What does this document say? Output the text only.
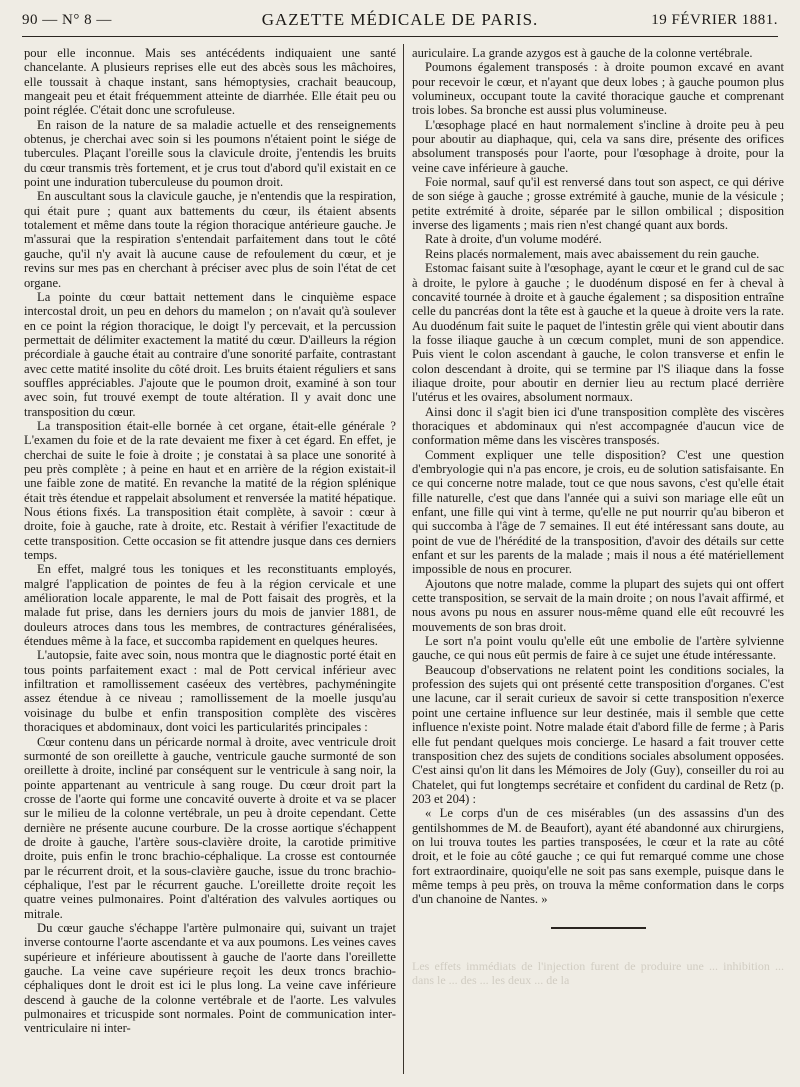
90 — N° 8 —	GAZETTE MÉDICALE DE PARIS.	19 FÉVRIER 1881.

pour elle inconnue. Mais ses antécédents indiquaient une santé chancelante. A plusieurs reprises elle eut des abcès sous les mâchoires, elle toussait à chaque instant, sans hémoptysies, crachait beaucoup, mangeait peu et était fréquemment atteinte de diarrhée. Elle était peu ou point réglée. C'était donc une scrofuleuse.

En raison de la nature de sa maladie actuelle et des renseignements obtenus, je cherchai avec soin si les poumons n'étaient point le siége de tubercules. Plaçant l'oreille sous la clavicule droite, j'entendis les bruits du cœur transmis très fortement, et je crus tout d'abord qu'il existait en ce point une induration tuberculeuse du poumon droit.

En auscultant sous la clavicule gauche, je n'entendis que la respiration, qui était pure ; quant aux battements du cœur, ils étaient absents totalement et même dans toute la région thoracique antérieure gauche. Je m'assurai que la respiration s'entendait parfaitement dans tout le côté gauche, qu'il n'y avait là aucune cause de refoulement du cœur, et je revins sur mes pas en cherchant à préciser avec plus de soin l'état de cet organe.

La pointe du cœur battait nettement dans le cinquième espace intercostal droit, un peu en dehors du mamelon ; on n'avait qu'à soulever en ce point la région thoracique, le doigt l'y percevait, et la percussion permettait de délimiter exactement la matité du cœur. D'ailleurs la région précordiale à gauche était au contraire d'une sonorité parfaite, contrastant avec cette matité insolite du côté droit. Les bruits étaient réguliers et sans souffles appréciables. J'ajoute que le poumon droit, examiné à son tour avec soin, fut trouvé exempt de toute altération. Il y avait donc une transposition du cœur.

La transposition était-elle bornée à cet organe, était-elle générale ? L'examen du foie et de la rate devaient me fixer à cet égard. En effet, je cherchai de suite le foie à droite ; je constatai à sa place une sonorité à peu près complète ; à peine en haut et en arrière de la région existait-il une faible zone de matité. En revanche la matité de la région splénique était très étendue et rappelait absolument et renversée la matité hépatique. Nous étions fixés. La transposition était complète, à savoir : cœur à droite, foie à gauche, rate à droite, etc. Restait à vérifier l'exactitude de cette transposition. Cette occasion se fit attendre jusque dans ces derniers temps.

En effet, malgré tous les toniques et les reconstituants employés, malgré l'application de pointes de feu à la région cervicale et une amélioration locale apparente, le mal de Pott faisait des progrès, et la malade fut prise, dans les derniers jours du mois de janvier 1881, de douleurs atroces dans tous les membres, de contractures généralisées, étendues même à la face, et succomba rapidement en quelques heures.

L'autopsie, faite avec soin, nous montra que le diagnostic porté était en tous points parfaitement exact : mal de Pott cervical inférieur avec infiltration et ramollissement caséeux des vertèbres, pachyméningite assez étendue à ce niveau ; ramollissement de la moelle jusqu'au voisinage du bulbe et enfin transposition complète des viscères thoraciques et abdominaux, dont voici les particularités principales :

Cœur contenu dans un péricarde normal à droite, avec ventricule droit surmonté de son oreillette à gauche, ventricule gauche surmonté de son oreillette à droite, incliné par conséquent sur le ventricule à sang noir, la pointe appartenant au ventricule à sang rouge. Du cœur droit part la crosse de l'aorte qui forme une concavité ouverte à droite et va se placer sur le milieu de la colonne vertébrale, un peu à droite cependant. Cette dernière ne présente aucune courbure. De la crosse aortique s'échappent de droite à gauche, l'artère sous-clavière droite, la carotide primitive droite, puis enfin le tronc brachio-céphalique. La crosse est contournée par le récurrent droit, et la sous-clavière gauche, issue du tronc brachio-céphalique, l'est par le récurrent gauche. L'oreillette droite reçoit les quatre veines pulmonaires. Point d'altération des valvules aortiques ou mitrale.

Du cœur gauche s'échappe l'artère pulmonaire qui, suivant un trajet inverse contourne l'aorte ascendante et va aux poumons. Les veines caves supérieure et inférieure aboutissent à gauche de l'aorte dans l'oreillette gauche. La veine cave supérieure reçoit les deux troncs brachio-céphaliques dont le droit est ici le plus long. La veine cave inférieure descend à gauche de la colonne vertébrale et de l'aorte. Les valvules pulmonaires et tricuspide sont normales. Point de communication inter-ventriculaire ni inter-

auriculaire. La grande azygos est à gauche de la colonne vertébrale.

Poumons également transposés : à droite poumon excavé en avant pour recevoir le cœur, et n'ayant que deux lobes ; à gauche poumon plus volumineux, occupant toute la cavité thoracique gauche et comprenant trois lobes. Sa bronche est aussi plus volumineuse.

L'œsophage placé en haut normalement s'incline à droite peu à peu pour aboutir au diaphaque, qui, cela va sans dire, présente des orifices absolument transposés pour l'aorte, pour l'œsophage à droite, pour la veine cave inférieure à gauche.

Foie normal, sauf qu'il est renversé dans tout son aspect, ce qui dérive de son siége à gauche ; grosse extrémité à gauche, munie de la vésicule ; petite extrémité à droite, séparée par le sillon ombilical ; disposition inverse des ligaments ; mais rien n'est changé quant aux bords.

Rate à droite, d'un volume modéré.

Reins placés normalement, mais avec abaissement du rein gauche.

Estomac faisant suite à l'œsophage, ayant le cœur et le grand cul de sac à droite, le pylore à gauche ; le duodénum disposé en fer à cheval à concavité tournée à droite et à gauche également ; sa disposition entraîne celle du pancréas dont la tête est à gauche et la queue à droite vers la rate. Au duodénum fait suite le paquet de l'intestin grêle qui vient aboutir dans la fosse iliaque gauche à un cœcum complet, muni de son appendice. Puis vient le colon ascendant à gauche, le colon transverse et enfin le colon descendant à droite, qui se termine par l'S iliaque dans la fosse iliaque droite, pour aboutir en dernier lieu au rectum placé derrière l'utérus et les ovaires, absolument normaux.

Ainsi donc il s'agit bien ici d'une transposition complète des viscères thoraciques et abdominaux qui n'est accompagnée d'aucun vice de conformation même dans les viscères transposés.

Comment expliquer une telle disposition? C'est une question d'embryologie qui n'a pas encore, je crois, eu de solution satisfaisante. En ce qui concerne notre malade, tout ce que nous savons, c'est qu'elle était fille naturelle, c'est que dans l'année qui a suivi son mariage elle eût un enfant, une fille qui vint à terme, qu'elle ne put nourrir qu'au biberon et qui succomba à l'âge de 7 semaines. Il eut été intéressant sans doute, au point de vue de l'hérédité de la transposition, d'avoir des détails sur cette enfant et sur les parents de la malade ; mais il nous a été matériellement impossible de nous en procurer.

Ajoutons que notre malade, comme la plupart des sujets qui ont offert cette transposition, se servait de la main droite ; on nous l'avait affirmé, et nous avons pu nous en assurer nous-même quand elle eût recouvré les mouvements de son bras droit.

Le sort n'a point voulu qu'elle eût une embolie de l'artère sylvienne gauche, ce qui nous eût permis de faire à ce sujet une étude intéressante.

Beaucoup d'observations ne relatent point les conditions sociales, la profession des sujets qui ont présenté cette transposition d'organes. C'est une lacune, car il serait curieux de savoir si cette transposition n'exerce point une certaine influence sur leur destinée, mais il semble que cette influence n'existe point. Notre malade était d'abord fille de ferme ; à Paris elle fut pendant quelques mois concierge. Le hasard a fait trouver cette transposition chez des sujets de conditions sociales absolument opposées. C'est ainsi qu'on lit dans les Mémoires de Joly (Guy), conseiller du roi au Chatelet, qui fut longtemps secrétaire et confident du cardinal de Retz (p. 203 et 204) :

« Le corps d'un de ces misérables (un des assassins d'un des gentilshommes de M. de Beaufort), ayant été abandonné aux chirurgiens, on lui trouva toutes les parties transposées, le cœur et la rate au côté droit, et le foie au côté gauche ; ce qui fut remarqué comme une chose fort extraordinaire, quoiqu'elle ne soit pas sans exemple, puisque dans le même temps à peu près, on trouva la même conformation dans le corps d'un chanoine de Nantes. »

Les effets immédiats de l'injection furent de produire une ... inhibition ... dans le ... des ... les deux ... de la
